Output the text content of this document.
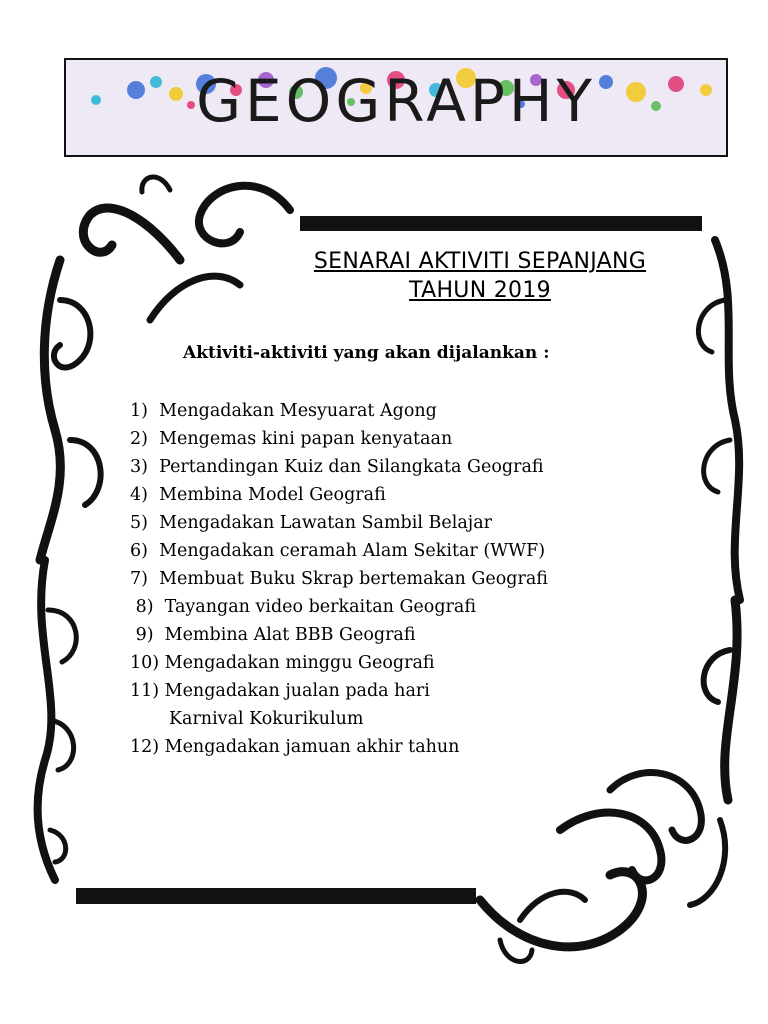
GEOGRAPHY
SENARAI AKTIVITI SEPANJANG
TAHUN 2019
Aktiviti-aktiviti yang akan dijalankan :
1)  Mengadakan Mesyuarat Agong
2)  Mengemas kini papan kenyataan
3)  Pertandingan Kuiz dan Silangkata Geografi
4)  Membina Model Geografi
5)  Mengadakan Lawatan Sambil Belajar
6)  Mengadakan ceramah Alam Sekitar (WWF)
7)  Membuat Buku Skrap bertemakan Geografi
8)  Tayangan video berkaitan Geografi
9)  Membina Alat BBB Geografi
10) Mengadakan minggu Geografi
11) Mengadakan jualan pada hari
Karnival Kokurikulum
12) Mengadakan jamuan akhir tahun
